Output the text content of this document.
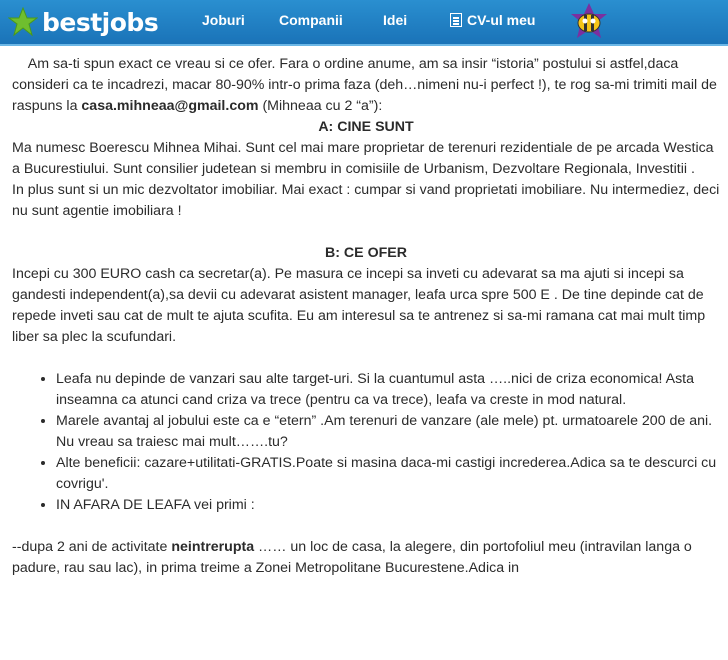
bestjobs	Joburi Companii	Idei	CV-ul meu

Am sa-ti spun exact ce vreau si ce ofer. Fara o ordine anume, am sa insir “istoria” postului si astfel,daca consideri ca te incadrezi, macar 80-90% intr-o prima faza (deh…nimeni nu-i perfect !), te rog sa-mi trimiti mail de raspuns la casa.mihneaa@gmail.com (Mihneaa cu 2 “a”):

A: CINE SUNT

Ma numesc Boerescu Mihnea Mihai. Sunt cel mai mare proprietar de terenuri rezidentiale de pe arcada Westica a Bucurestiului. Sunt consilier judetean si membru in comisiile de Urbanism, Dezvoltare Regionala, Investitii .

In plus sunt si un mic dezvoltator imobiliar. Mai exact : cumpar si vand proprietati imobiliare. Nu intermediez, deci nu sunt agentie imobiliara !

B: CE OFER

Incepi cu 300 EURO cash ca secretar(a). Pe masura ce incepi sa inveti cu adevarat sa ma ajuti si incepi sa gandesti independent(a),sa devii cu adevarat asistent manager, leafa urca spre 500 E . De tine depinde cat de repede inveti sau cat de mult te ajuta scufita. Eu am interesul sa te antrenez si sa-mi ramana cat mai mult timp liber sa plec la scufundari.

• Leafa nu depinde de vanzari sau alte target-uri. Si la cuantumul asta …..nici de criza economica! Asta inseamna ca atunci cand criza va trece (pentru ca va trece), leafa va creste in mod natural.
• Marele avantaj al jobului este ca e “etern” .Am terenuri de vanzare (ale mele) pt. urmatoarele 200 de ani. Nu vreau sa traiesc mai mult…….tu?
• Alte beneficii: cazare+utilitati-GRATIS.Poate si masina daca-mi castigi increderea.Adica sa te descurci cu covrigu'.
• IN AFARA DE LEAFA vei primi :

--dupa 2 ani de activitate neintrerupta …… un loc de casa, la alegere, din portofoliul meu (intravilan langa o padure, rau sau lac), in prima treime a Zonei Metropolitane Bucurestene.Adica in
